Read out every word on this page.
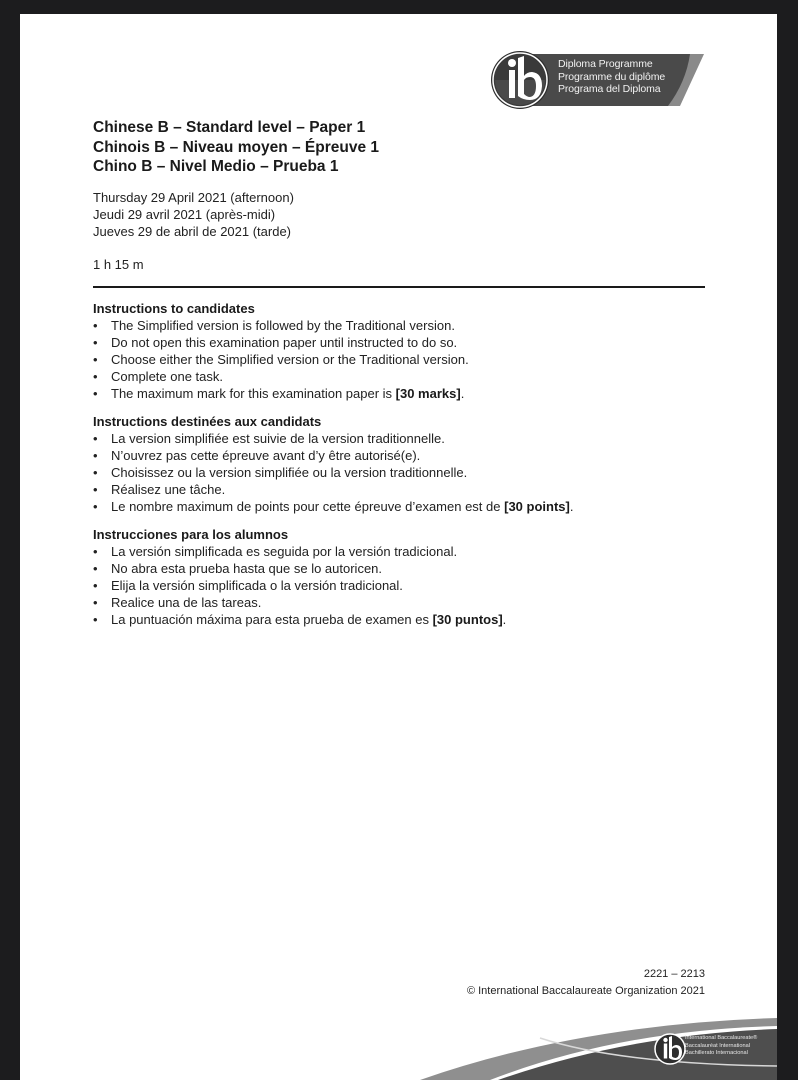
Diploma Programme
Programme du diplôme
Programa del Diploma
Chinese B – Standard level – Paper 1
Chinois B – Niveau moyen – Épreuve 1
Chino B – Nivel Medio – Prueba 1
Thursday 29 April 2021 (afternoon)
Jeudi 29 avril 2021 (après-midi)
Jueves 29 de abril de 2021 (tarde)
1 h 15 m
Instructions to candidates
• The Simplified version is followed by the Traditional version.
• Do not open this examination paper until instructed to do so.
• Choose either the Simplified version or the Traditional version.
• Complete one task.
• The maximum mark for this examination paper is [30 marks].
Instructions destinées aux candidats
• La version simplifiée est suivie de la version traditionnelle.
• N’ouvrez pas cette épreuve avant d’y être autorisé(e).
• Choisissez ou la version simplifiée ou la version traditionnelle.
• Réalisez une tâche.
• Le nombre maximum de points pour cette épreuve d’examen est de [30 points].
Instrucciones para los alumnos
• La versión simplificada es seguida por la versión tradicional.
• No abra esta prueba hasta que se lo autoricen.
• Elija la versión simplificada o la versión tradicional.
• Realice una de las tareas.
• La puntuación máxima para esta prueba de examen es [30 puntos].
2221 – 2213
© International Baccalaureate Organization 2021
International Baccalaureate®
Baccalauréat International
Bachillerato Internacional
